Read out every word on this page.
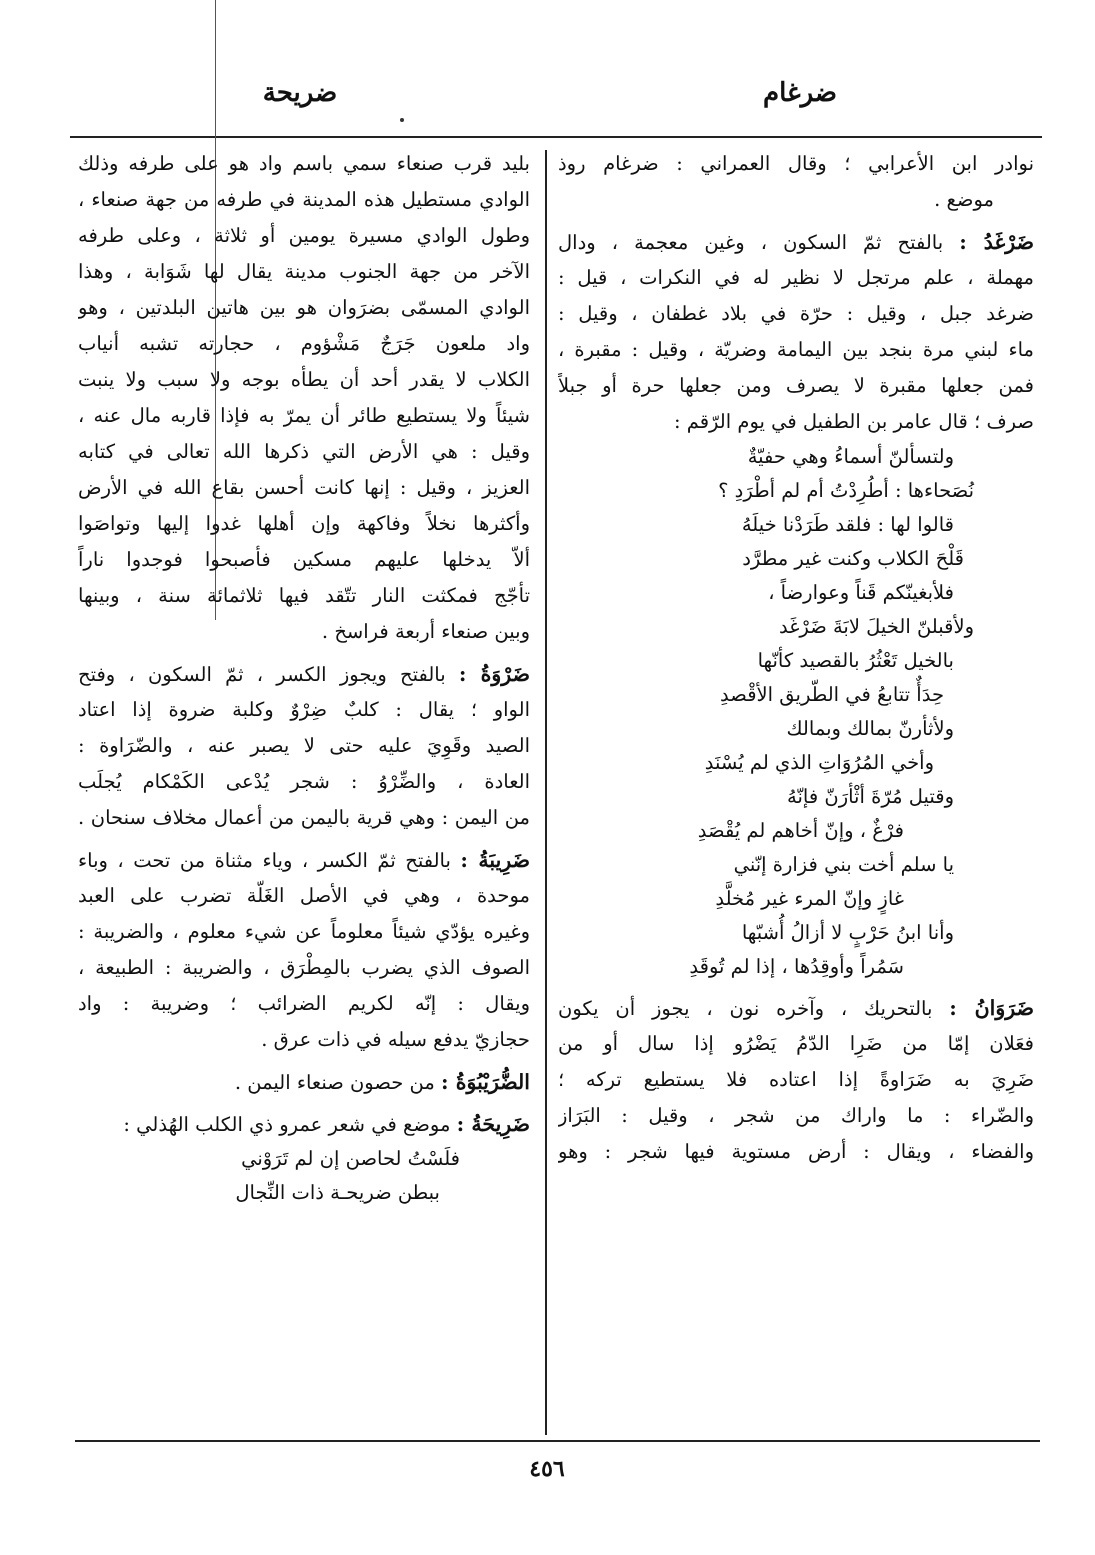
ضرغام
ضريحة
نوادر ابن الأعرابي ؛ وقال العمراني : ضرغام روذ
موضع .
ضَرْغَدُ : بالفتح ثمّ السكون ، وغين معجمة ، ودال
مهملة ، علم مرتجل لا نظير له في النكرات ، قيل :
ضرغد جبل ، وقيل : حرّة في بلاد غطفان ، وقيل :
ماء لبني مرة بنجد بين اليمامة وضريّة ، وقيل : مقبرة ،
فمن جعلها مقبرة لا يصرف ومن جعلها حرة أو جبلاً
صرف ؛ قال عامر بن الطفيل في يوم الرّقم :
ولتسألنّ أسماءُ وهي حفيّةٌ
نُصَحاءها : أطُرِدْتُ أم لم أطْرَدِ ؟
قالوا لها : فلقد طَرَدْنا خيلَهُ
قَلْحَ الكلاب وكنت غير مطرَّد
فلأبغينّكم قَناً وعوارضاً ،
ولأقبلنّ الخيلَ لابَةَ ضَرْغَد
بالخيل تَعْثُرُ بالقصيد كأنّها
حِدَأٌ تتابعُ في الطّريق الأقْصدِ
ولأثأرنّ بمالك وبمالك
وأخي المُرُوَاتِ الذي لم يُسْنَدِ
وقتيل مُرّةَ أثْأرَنّ فإنّهُ
فرْغٌ ، وإنّ أخاهم لم يُقْصَدِ
يا سلم أخت بني فزارة إنّني
غازٍ وإنّ المرء غير مُخلَّدِ
وأنا ابنُ حَرْبٍ لا أزالُ أُشبّها
سَمُراً وأوقِدُها ، إذا لم تُوقَدِ
ضَرَوَانُ : بالتحريك ، وآخره نون ، يجوز أن يكون
فعَلان إمّا من ضَرِا الدّمُ يَضْرُو إذا سال أو من
ضَرِيَ به ضَرَاوةً إذا اعتاده فلا يستطيع تركه ؛
والضّراء : ما واراك من شجر ، وقيل : البَرَاز
والفضاء ، ويقال : أرض مستوية فيها شجر : وهو
بليد قرب صنعاء سمي باسم واد هو على طرفه وذلك
الوادي مستطيل هذه المدينة في طرفه من جهة صنعاء ،
وطول الوادي مسيرة يومين أو ثلاثة ، وعلى طرفه
الآخر من جهة الجنوب مدينة يقال لها شَوَابة ، وهذا
الوادي المسمّى بضرَوان هو بين هاتين البلدتين ، وهو
واد ملعون جَرَجٌ مَشْؤوم ، حجارته تشبه أنياب
الكلاب لا يقدر أحد أن يطأه بوجه ولا سبب ولا ينبت
شيئاً ولا يستطيع طائر أن يمرّ به فإذا قاربه مال عنه ،
وقيل : هي الأرض التي ذكرها الله تعالى في كتابه
العزيز ، وقيل : إنها كانت أحسن بقاع الله في الأرض
وأكثرها نخلاً وفاكهة وإن أهلها غدوا إليها وتواصَوا
ألاّ يدخلها عليهم مسكين فأصبحوا فوجدوا ناراً
تأجّج فمكثت النار تتّقد فيها ثلاثمائة سنة ، وبينها
وبين صنعاء أربعة فراسخ .
ضَرْوَةُ : بالفتح ويجوز الكسر ، ثمّ السكون ، وفتح
الواو ؛ يقال : كلبٌ ضِرْوٌ وكلبة ضروة إذا اعتاد
الصيد وقَوِيَ عليه حتى لا يصبر عنه ، والضّرَاوة :
العادة ، والضِّرْوُ : شجر يُدْعى الكَمْكام يُجلَب
من اليمن : وهي قرية باليمن من أعمال مخلاف سنحان .
ضَرِيبَةُ : بالفتح ثمّ الكسر ، وياء مثناة من تحت ، وباء
موحدة ، وهي في الأصل الغَلّة تضرب على العبد
وغيره يؤدّي شيئاً معلوماً عن شيء معلوم ، والضريبة :
الصوف الذي يضرب بالمِطْرَق ، والضريبة : الطبيعة ،
ويقال : إنّه لكريم الضرائب ؛ وضريبة : واد
حجازيّ يدفع سيله في ذات عرق .
الضُّرَيْبُوَةُ : من حصون صنعاء اليمن .
ضَرِيحَةُ : موضع في شعر عمرو ذي الكلب الهُذلي :
فلَسْتُ لحاصن إن لم تَرَوْني
ببطن ضريحـة ذات النِّجال
٤٥٦
